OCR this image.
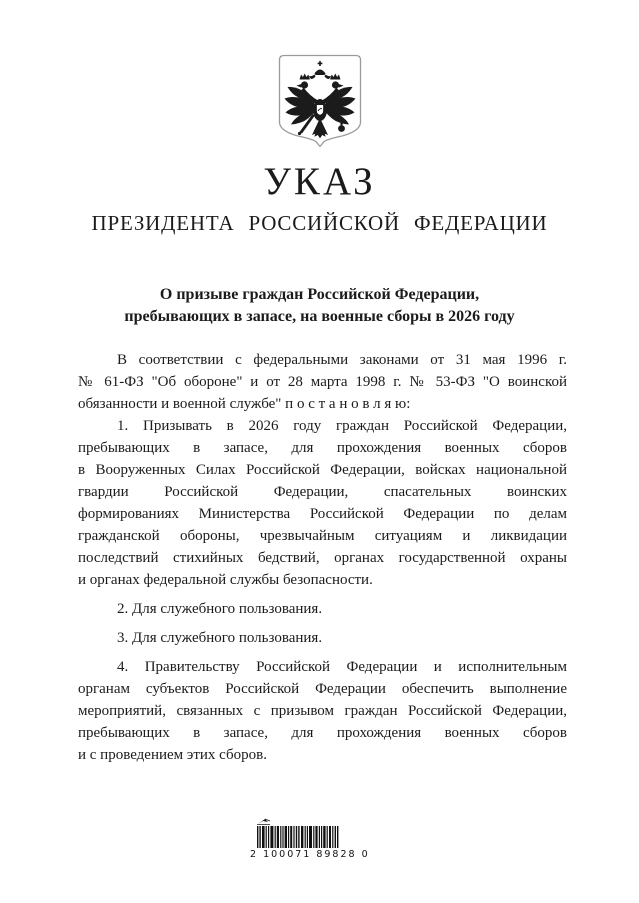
УКАЗ
ПРЕЗИДЕНТА РОССИЙСКОЙ ФЕДЕРАЦИИ
О призыве граждан Российской Федерации,
пребывающих в запасе, на военные сборы в 2026 году
В соответствии с федеральными законами от 31 мая 1996 г.
№ 61-ФЗ "Об обороне" и от 28 марта 1998 г. № 53-ФЗ "О воинской
обязанности и военной службе" п о с т а н о в л я ю:
1. Призывать в 2026 году граждан Российской Федерации,
пребывающих в запасе, для прохождения военных сборов
в Вооруженных Силах Российской Федерации, войсках национальной
гвардии Российской Федерации, спасательных воинских
формированиях Министерства Российской Федерации по делам
гражданской обороны, чрезвычайным ситуациям и ликвидации
последствий стихийных бедствий, органах государственной охраны
и органах федеральной службы безопасности.
2. Для служебного пользования.
3. Для служебного пользования.
4. Правительству Российской Федерации и исполнительным
органам субъектов Российской Федерации обеспечить выполнение
мероприятий, связанных с призывом граждан Российской Федерации,
пребывающих в запасе, для прохождения военных сборов
и с проведением этих сборов.
2 100071 89828 0
